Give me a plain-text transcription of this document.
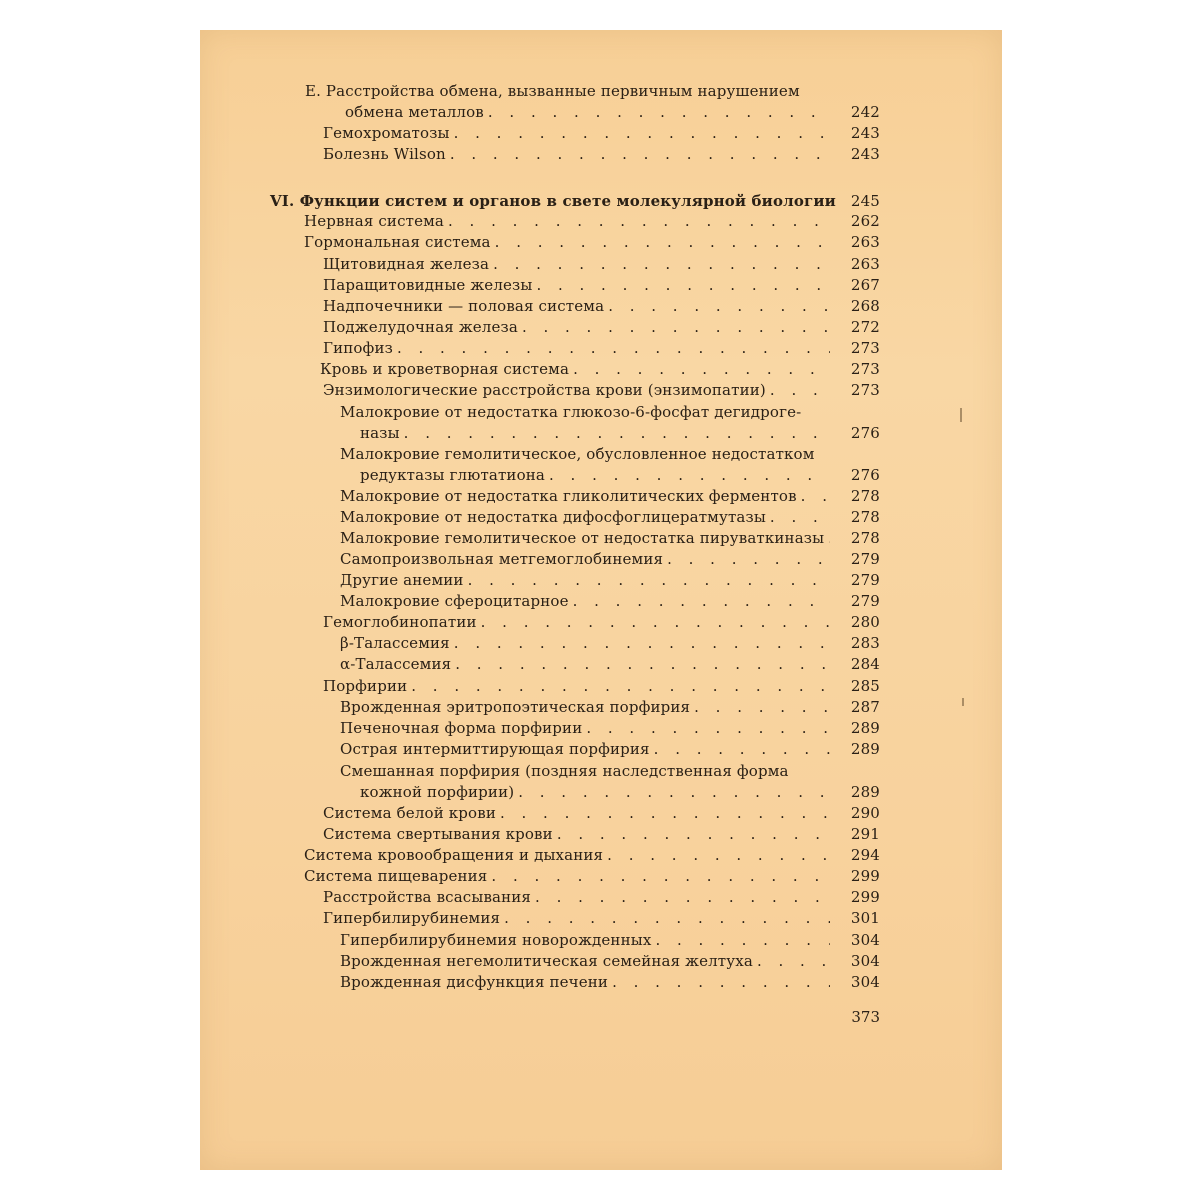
Е. Расстройства обмена, вызванные первичным нарушением
обмена металлов . . .	242
Гемохроматозы . . .	243
Болезнь Wilson . . .	243
VI. Функции систем и органов в свете молекулярной биологии	245
Нервная система . . .	262
Гормональная система . . .	263
Щитовидная железа . . .	263
Паращитовидные железы . . .	267
Надпочечники — половая система . . .	268
Поджелудочная железа . . .	272
Гипофиз . . .	273
Кровь и кроветворная система . . .	273
Энзимологические расстройства крови (энзимопатии) . . .	273
Малокровие от недостатка глюкозо-6-фосфат дегидроге-
назы . . .	276
Малокровие гемолитическое, обусловленное недостатком
редуктазы глютатиона . . .	276
Малокровие от недостатка гликолитических ферментов . . .	278
Малокровие от недостатка дифосфоглицератмутазы . . .	278
Малокровие гемолитическое от недостатка пируваткиназы . . .	278
Самопроизвольная метгемоглобинемия . . .	279
Другие анемии . . .	279
Малокровие сфероцитарное . . .	279
Гемоглобинопатии . . .	280
β-Таласcемия . . .	283
α-Таласcемия . . .	284
Порфирии . . .	285
Врожденная эритропоэтическая порфирия . . .	287
Печеночная форма порфирии . . .	289
Острая интермиттирующая порфирия . . .	289
Смешанная порфирия (поздняя наследственная форма
кожной порфирии) . . .	289
Система белой крови . . .	290
Система свертывания крови . . .	291
Система кровообращения и дыхания . . .	294
Система пищеварения . . .	299
Расстройства всасывания . . .	299
Гипербилирубинемия . . .	301
Гипербилирубинемия новорожденных . . .	304
Врожденная негемолитическая семейная желтуха . . .	304
Врожденная дисфункция печени . . .	304
373
